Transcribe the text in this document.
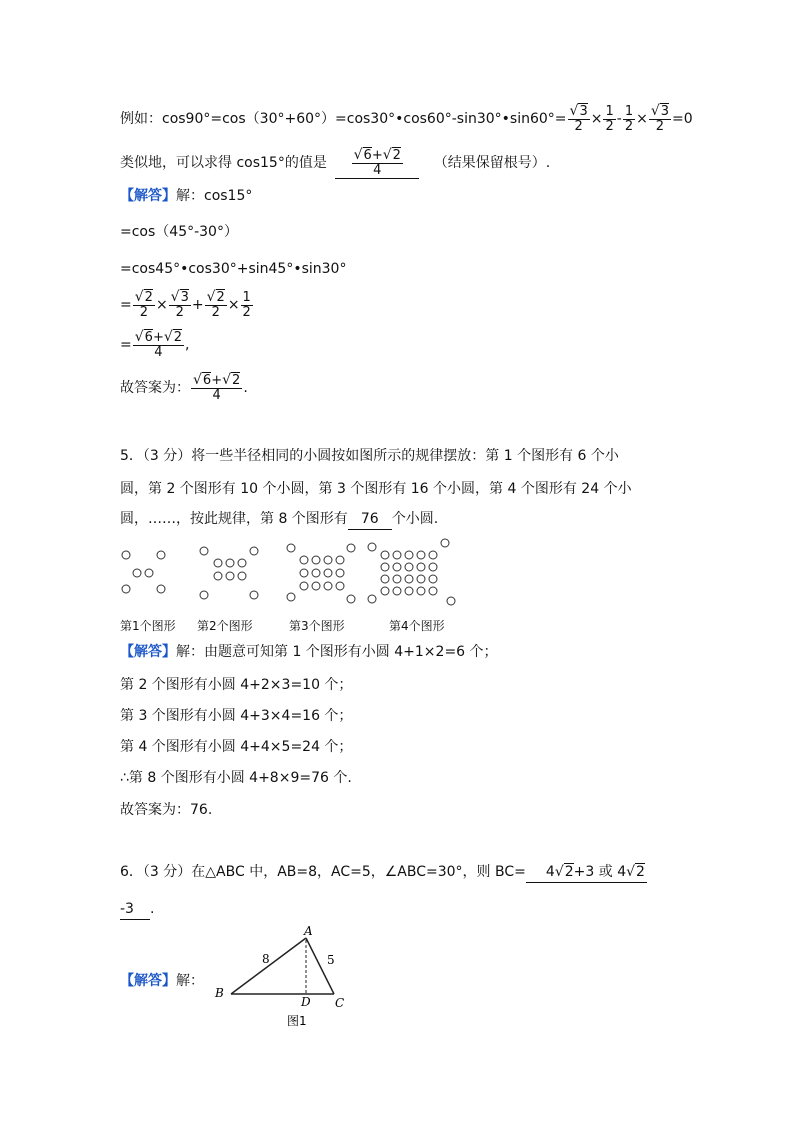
例如：cos90°=cos（30°+60°）=cos30°•cos60°-sin30°•sin60°= $\frac{√3}{2} \times \frac{1}{2} - \frac{1}{2} \times \frac{√3}{2} =0$
类似地，可以求得 cos15°的值是 $\frac{√6+√2}{4}$ （结果保留根号）.
【解答】解：cos15°
=cos（45°-30°）
=cos45°•cos30°+sin45°•sin30°
= $\frac{√2}{2} \times \frac{√3}{2} + \frac{√2}{2} \times \frac{1}{2}$
= $\frac{√6+√2}{4}$ ,
故答案为： $\frac{√6+√2}{4}$ .
5．（3 分）将一些半径相同的小圆按如图所示的规律摆放：第 1 个图形有 6 个小
圆，第 2 个图形有 10 个小圆，第 3 个图形有 16 个小圆，第 4 个图形有 24 个小
圆，……，按此规律，第 8 个图形有 76 个小圆.
第1个图形 第2个图形	第3个图形	第4个图形
【解答】解：由题意可知第 1 个图形有小圆 4+1×2=6 个；
第 2 个图形有小圆 4+2×3=10 个；
第 3 个图形有小圆 4+3×4=16 个；
第 4 个图形有小圆 4+4×5=24 个；
∴第 8 个图形有小圆 4+8×9=76 个.
故答案为：76.
6．（3 分）在△ABC 中，AB=8，AC=5，∠ABC=30°，则 BC= 4√2+3 或 4√2
-3 .
【解答】解：
A
B
C
D
8	5
图1
